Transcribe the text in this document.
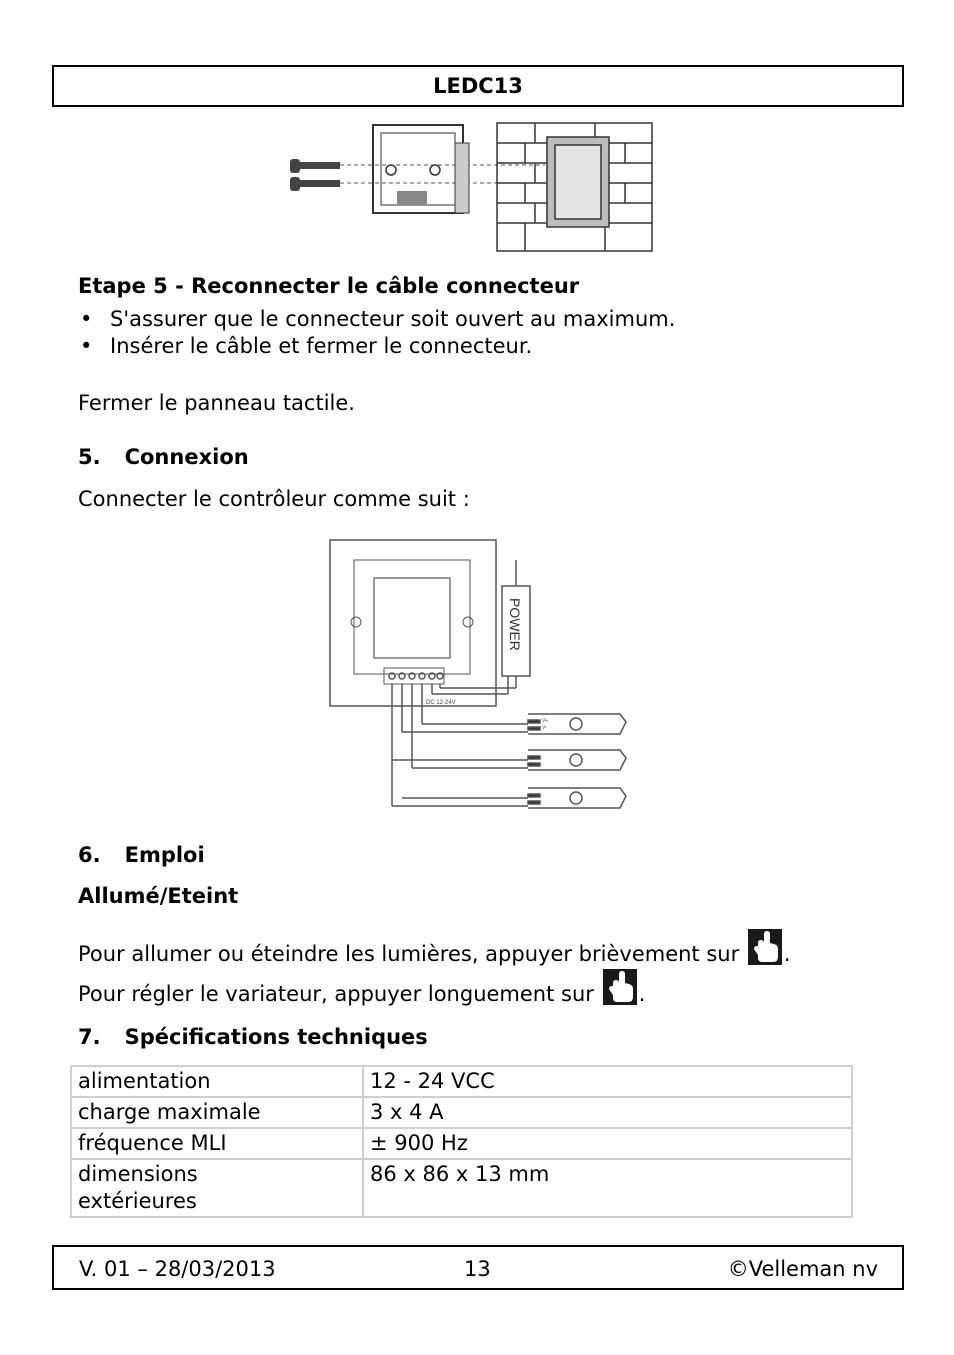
LEDC13
Etape 5 - Reconnecter le câble connecteur
• S'assurer que le connecteur soit ouvert au maximum.
• Insérer le câble et fermer le connecteur.
Fermer le panneau tactile.
5. Connexion
Connecter le contrôleur comme suit :
POWER
DC 12-24V
V+
V-
6. Emploi
Allumé/Eteint
Pour allumer ou éteindre les lumières, appuyer brièvement sur .
Pour régler le variateur, appuyer longuement sur .
7. Spécifications techniques
alimentation	12 - 24 VCC
charge maximale	3 x 4 A
fréquence MLI	± 900 Hz
dimensions extérieures	86 x 86 x 13 mm
V. 01 – 28/03/2013	13	©Velleman nv
